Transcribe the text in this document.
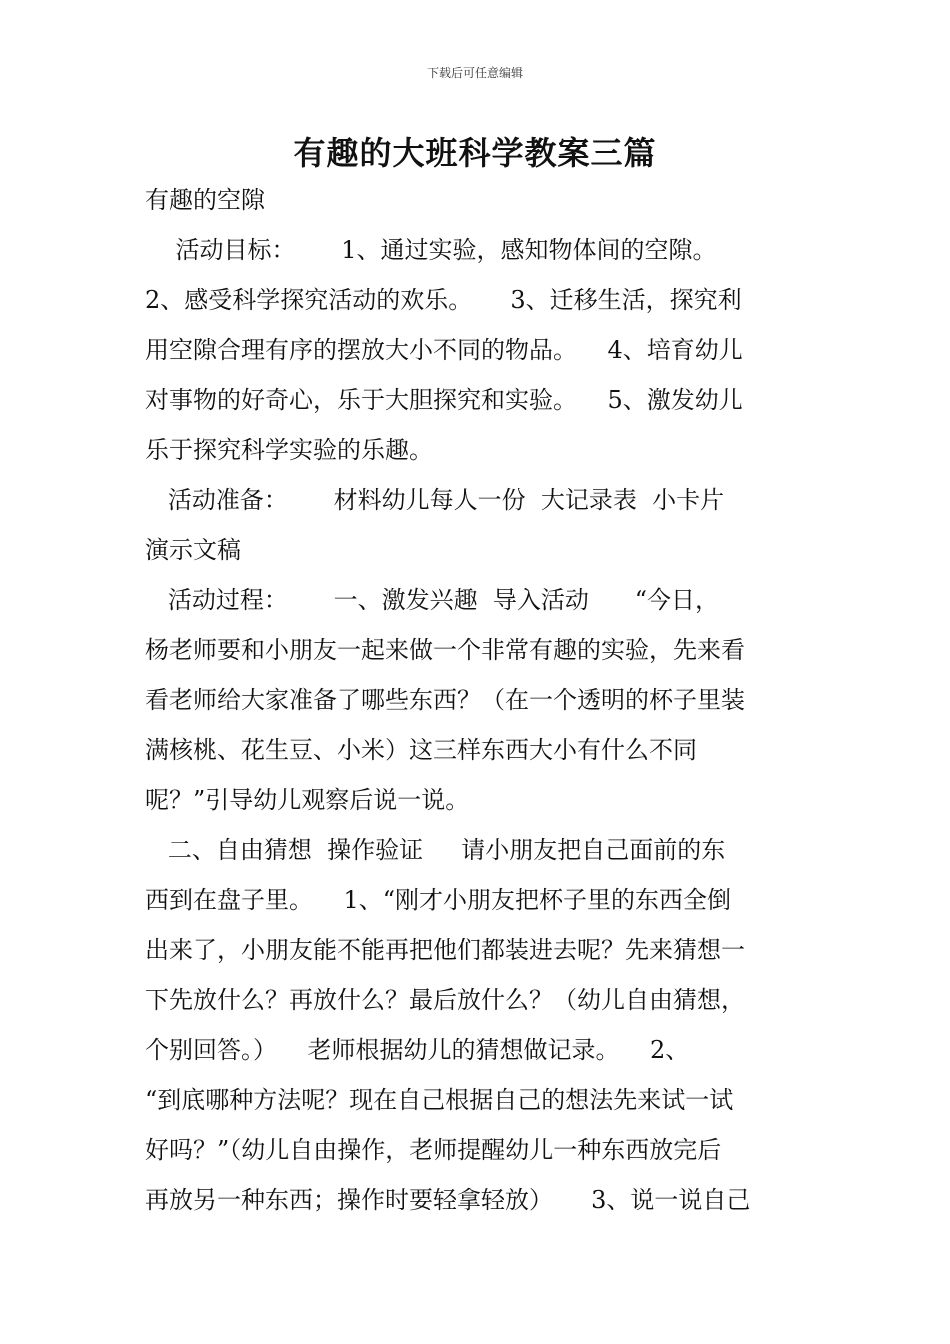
下载后可任意编辑
有趣的大班科学教案三篇
有趣的空隙
活动目标：      1、通过实验，感知物体间的空隙。
2、感受科学探究活动的欢乐。     3、迁移生活，探究利
用空隙合理有序的摆放大小不同的物品。    4、培育幼儿
对事物的好奇心，乐于大胆探究和实验。    5、激发幼儿
乐于探究科学实验的乐趣。
活动准备：      材料幼儿每人一份  大记录表  小卡片
演示文稿
活动过程：      一、激发兴趣  导入活动      “今日，
杨老师要和小朋友一起来做一个非常有趣的实验，先来看
看老师给大家准备了哪些东西？（在一个透明的杯子里装
满核桃、花生豆、小米）这三样东西大小有什么不同
呢？”引导幼儿观察后说一说。
二、自由猜想  操作验证     请小朋友把自己面前的东
西到在盘子里。    1、“刚才小朋友把杯子里的东西全倒
出来了，小朋友能不能再把他们都装进去呢？先来猜想一
下先放什么？再放什么？最后放什么？（幼儿自由猜想，
个别回答。）    老师根据幼儿的猜想做记录。    2、
“到底哪种方法呢？现在自己根据自己的想法先来试一试
好吗？”（幼儿自由操作，老师提醒幼儿一种东西放完后
再放另一种东西；操作时要轻拿轻放）     3、说一说自己
